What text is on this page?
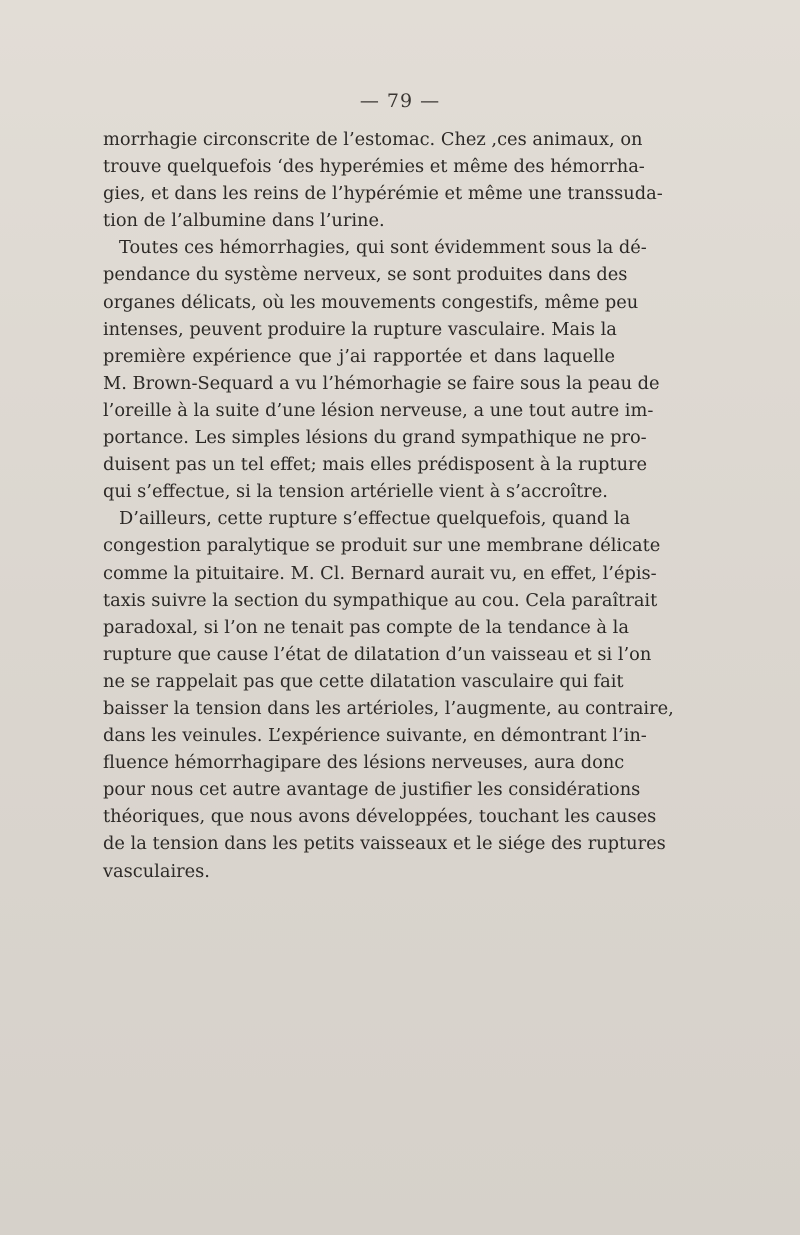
— 79 —

morrhagie circonscrite de l’estomac. Chez ,ces animaux, on
trouve quelquefois ‘des hyperémies et même des hémorrha-
gies, et dans les reins de l’hypérémie et même une transsuda-
tion de l’albumine dans l’urine.
Toutes ces hémorrhagies, qui sont évidemment sous la dé-
pendance du système nerveux, se sont produites dans des
organes délicats, où les mouvements congestifs, même peu
intenses, peuvent produire la rupture vasculaire. Mais la
première expérience que j’ai rapportée et dans laquelle
M. Brown-Sequard a vu l’hémorhagie se faire sous la peau de
l’oreille à la suite d’une lésion nerveuse, a une tout autre im-
portance. Les simples lésions du grand sympathique ne pro-
duisent pas un tel effet; mais elles prédisposent à la rupture
qui s’effectue, si la tension artérielle vient à s’accroître.
D’ailleurs, cette rupture s’effectue quelquefois, quand la
congestion paralytique se produit sur une membrane délicate
comme la pituitaire. M. Cl. Bernard aurait vu, en effet, l’épis-
taxis suivre la section du sympathique au cou. Cela paraîtrait
paradoxal, si l’on ne tenait pas compte de la tendance à la
rupture que cause l’état de dilatation d’un vaisseau et si l’on
ne se rappelait pas que cette dilatation vasculaire qui fait
baisser la tension dans les artérioles, l’augmente, au contraire,
dans les veinules. L’expérience suivante, en démontrant l’in-
fluence hémorrhagipare des lésions nerveuses, aura donc
pour nous cet autre avantage de justifier les considérations
théoriques, que nous avons développées, touchant les causes
de la tension dans les petits vaisseaux et le siége des ruptures
vasculaires.
